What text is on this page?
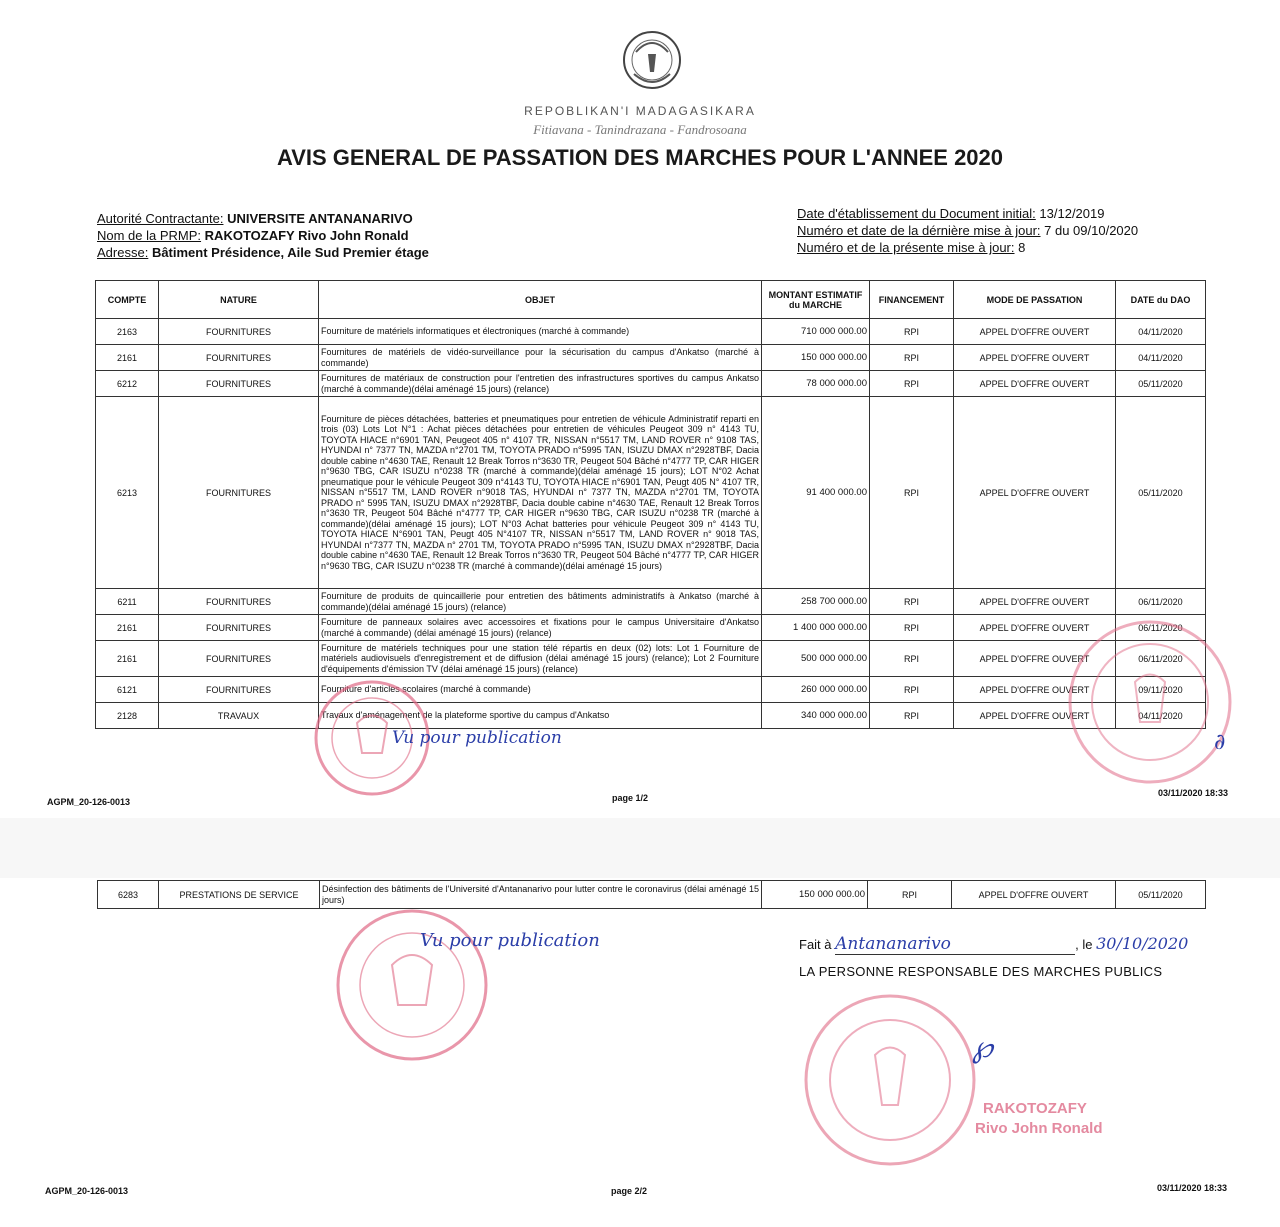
REPOBLIKAN'I MADAGASIKARA
Fitiavana - Tanindrazana - Fandrosoana
AVIS GENERAL DE PASSATION DES MARCHES POUR L'ANNEE 2020
Autorité Contractante: UNIVERSITE ANTANANARIVO
Nom de la PRMP: RAKOTOZAFY Rivo John Ronald
Adresse: Bâtiment Présidence, Aile Sud Premier étage
Date d'établissement du Document initial: 13/12/2019
Numéro et date de la dérnière mise à jour: 7 du 09/10/2020
Numéro et de la présente mise à jour: 8
COMPTE	NATURE	OBJET	MONTANT ESTIMATIF du MARCHE	FINANCEMENT	MODE DE PASSATION	DATE du DAO
2163	FOURNITURES	Fourniture de matériels informatiques et électroniques (marché à commande)	710 000 000.00	RPI	APPEL D'OFFRE OUVERT	04/11/2020
2161	FOURNITURES	Fournitures de matériels de vidéo-surveillance pour la sécurisation du campus d'Ankatso (marché à commande)	150 000 000.00	RPI	APPEL D'OFFRE OUVERT	04/11/2020
6212	FOURNITURES	Fournitures de matériaux de construction pour l'entretien des infrastructures sportives du campus Ankatso (marché à commande)(délai aménagé 15 jours) (relance)	78 000 000.00	RPI	APPEL D'OFFRE OUVERT	05/11/2020
6213	FOURNITURES	Fourniture de pièces détachées, batteries et pneumatiques pour entretien de véhicule Administratif reparti en trois (03) Lots Lot N°1 : Achat pièces détachées pour entretien de véhicules Peugeot 309 n° 4143 TU, TOYOTA HIACE n°6901 TAN, Peugeot 405 n° 4107 TR, NISSAN n°5517 TM, LAND ROVER n° 9108 TAS, HYUNDAI n° 7377 TN, MAZDA n°2701 TM, TOYOTA PRADO n°5995 TAN, ISUZU DMAX n°2928TBF, Dacia double cabine n°4630 TAE, Renault 12 Break Torros n°3630 TR, Peugeot 504 Bâché n°4777 TP, CAR HIGER n°9630 TBG, CAR ISUZU n°0238 TR (marché à commande)(délai aménagé 15 jours); LOT N°02 Achat pneumatique pour le véhicule Peugeot 309 n°4143 TU, TOYOTA HIACE n°6901 TAN, Peugt 405 N° 4107 TR, NISSAN n°5517 TM, LAND ROVER n°9018 TAS, HYUNDAI n° 7377 TN, MAZDA n°2701 TM, TOYOTA PRADO n° 5995 TAN, ISUZU DMAX n°2928TBF, Dacia double cabine n°4630 TAE, Renault 12 Break Torros n°3630 TR, Peugeot 504 Bâché n°4777 TP, CAR HIGER n°9630 TBG, CAR ISUZU n°0238 TR (marché à commande)(délai aménagé 15 jours); LOT N°03 Achat batteries pour véhicule Peugeot 309 n° 4143 TU, TOYOTA HIACE N°6901 TAN, Peugt 405 N°4107 TR, NISSAN n°5517 TM, LAND ROVER n° 9018 TAS, HYUNDAI n°7377 TN, MAZDA n° 2701 TM, TOYOTA PRADO n°5995 TAN, ISUZU DMAX n°2928TBF, Dacia double cabine n°4630 TAE, Renault 12 Break Torros n°3630 TR, Peugeot 504 Bâché n°4777 TP, CAR HIGER n°9630 TBG, CAR ISUZU n°0238 TR (marché à commande)(délai aménagé 15 jours)	91 400 000.00	RPI	APPEL D'OFFRE OUVERT	05/11/2020
6211	FOURNITURES	Fourniture de produits de quincaillerie pour entretien des bâtiments administratifs à Ankatso (marché à commande)(délai aménagé 15 jours) (relance)	258 700 000.00	RPI	APPEL D'OFFRE OUVERT	06/11/2020
2161	FOURNITURES	Fourniture de panneaux solaires avec accessoires et fixations pour le campus Universitaire d'Ankatso (marché à commande) (délai aménagé 15 jours) (relance)	1 400 000 000.00	RPI	APPEL D'OFFRE OUVERT	06/11/2020
2161	FOURNITURES	Fourniture de matériels techniques pour une station télé répartis en deux (02) lots: Lot 1 Fourniture de matériels audiovisuels d'enregistrement et de diffusion (délai aménagé 15 jours) (relance); Lot 2 Fourniture d'équipements d'émission TV (délai aménagé 15 jours) (relance)	500 000 000.00	RPI	APPEL D'OFFRE OUVERT	06/11/2020
6121	FOURNITURES	Fourniture d'articles scolaires (marché à commande)	260 000 000.00	RPI	APPEL D'OFFRE OUVERT	09/11/2020
2128	TRAVAUX	Travaux d'aménagement de la plateforme sportive du campus d'Ankatso	340 000 000.00	RPI	APPEL D'OFFRE OUVERT	04/11/2020
Vu pour publication	∂
AGPM_20-126-0013	page 1/2	03/11/2020 18:33
6283	PRESTATIONS DE SERVICE	Désinfection des bâtiments de l'Université d'Antananarivo pour lutter contre le coronavirus (délai aménagé 15 jours)	150 000 000.00	RPI	APPEL D'OFFRE OUVERT	05/11/2020
Vu pour publication	Fait à Antananarivo	, le 30/10/2020
LA PERSONNE RESPONSABLE DES MARCHES PUBLICS
℘
RAKOTOZAFY
Rivo John Ronald
AGPM_20-126-0013	page 2/2	03/11/2020 18:33
